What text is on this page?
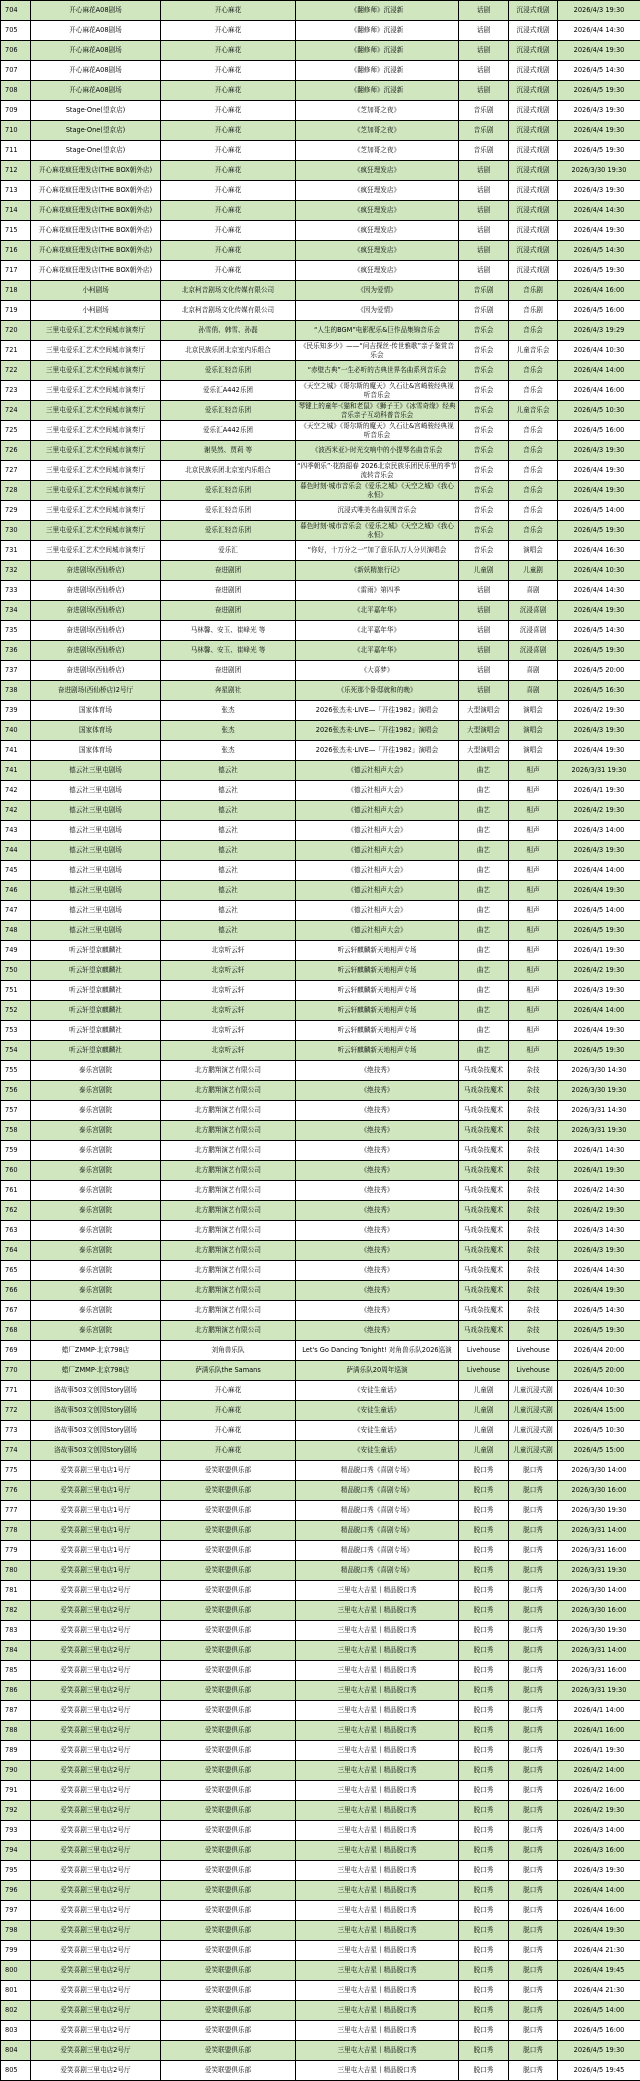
704	开心麻花A08剧场	开心麻花	《翻修师》沉浸新	话剧	沉浸式戏剧	2026/4/3 19:30
705	开心麻花A08剧场	开心麻花	《翻修师》沉浸新	话剧	沉浸式戏剧	2026/4/4 14:30
706	开心麻花A08剧场	开心麻花	《翻修师》沉浸新	话剧	沉浸式戏剧	2026/4/4 19:30
707	开心麻花A08剧场	开心麻花	《翻修师》沉浸新	话剧	沉浸式戏剧	2026/4/5 14:30
708	开心麻花A08剧场	开心麻花	《翻修师》沉浸新	话剧	沉浸式戏剧	2026/4/5 19:30
709	Stage·One(望京店)	开心麻花	《芝加哥之夜》	音乐剧	沉浸式戏剧	2026/4/3 19:30
710	Stage·One(望京店)	开心麻花	《芝加哥之夜》	音乐剧	沉浸式戏剧	2026/4/4 19:30
711	Stage·One(望京店)	开心麻花	《芝加哥之夜》	音乐剧	沉浸式戏剧	2026/4/5 19:30
712	开心麻花疯狂理发店(THE BOX朝外店)	开心麻花	《疯狂理发店》	话剧	沉浸式戏剧	2026/3/30 19:30
713	开心麻花疯狂理发店(THE BOX朝外店)	开心麻花	《疯狂理发店》	话剧	沉浸式戏剧	2026/4/3 19:30
714	开心麻花疯狂理发店(THE BOX朝外店)	开心麻花	《疯狂理发店》	话剧	沉浸式戏剧	2026/4/4 14:30
715	开心麻花疯狂理发店(THE BOX朝外店)	开心麻花	《疯狂理发店》	话剧	沉浸式戏剧	2026/4/4 19:30
716	开心麻花疯狂理发店(THE BOX朝外店)	开心麻花	《疯狂理发店》	话剧	沉浸式戏剧	2026/4/5 14:30
717	开心麻花疯狂理发店(THE BOX朝外店)	开心麻花	《疯狂理发店》	话剧	沉浸式戏剧	2026/4/5 19:30
718	小柯剧场	北京柯音剧场文化传媒有限公司	《因为爱情》	音乐剧	音乐剧	2026/4/4 16:00
719	小柯剧场	北京柯音剧场文化传媒有限公司	《因为爱情》	音乐剧	音乐剧	2026/4/5 16:00
720	三里屯爱乐汇艺术空间城市演奏厅	孙雪俏、韩雪、孙磊	“人生的BGM”电影配乐&巨作品集锦音乐会	音乐会	音乐会	2026/4/3 19:29
721	三里屯爱乐汇艺术空间城市演奏厅	北京民族乐团北京室内乐组合	《民乐知多少》——“问吉探丝·传世雅歌”亲子鉴赏音乐会	音乐会	儿童音乐会	2026/4/4 10:30
722	三里屯爱乐汇艺术空间城市演奏厅	爱乐汇轻音乐团	“赤壁古典”一生必听的古典世界名曲系列音乐会	音乐会	音乐会	2026/4/4 14:00
723	三里屯爱乐汇艺术空间城市演奏厅	爱乐汇A442乐团	《天空之城》《哥尔斯的魔天》久石让&宫崎骏经典视听音乐会	音乐会	音乐会	2026/4/4 16:00
724	三里屯爱乐汇艺术空间城市演奏厅	爱乐汇轻音乐团	琴键上的童年·《猫和老鼠》《狮子王》《冰雪奇缘》经典音乐亲子互动科普音乐会	音乐会	儿童音乐会	2026/4/5 10:30
725	三里屯爱乐汇艺术空间城市演奏厅	爱乐汇A442乐团	《天空之城》《哥尔斯的魔天》久石让&宫崎骏经典视听音乐会	音乐会	音乐会	2026/4/5 16:00
726	三里屯爱乐汇艺术空间城市演奏厅	谢昊然、贾莉 等	《波西米亚》·时光交响中的小提琴名曲音乐会	音乐会	音乐会	2026/4/3 19:30
727	三里屯爱乐汇艺术空间城市演奏厅	北京民族乐团北京室内乐组合	“四季朝乐”·花韵韶春 2026北京民族乐团民乐里的季节流转音乐会	音乐会	音乐会	2026/4/4 19:30
728	三里屯爱乐汇艺术空间城市演奏厅	爱乐汇轻音乐团	暮色时刻·城市音乐会《爱乐之城》《天空之城》《我心永恒》	音乐会	音乐会	2026/4/4 19:30
729	三里屯爱乐汇艺术空间城市演奏厅	爱乐汇轻音乐团	沉浸式唯美名曲氛围音乐会	音乐会	音乐会	2026/4/5 14:00
730	三里屯爱乐汇艺术空间城市演奏厅	爱乐汇轻音乐团	暮色时刻·城市音乐会《爱乐之城》《天空之城》《我心永恒》	音乐会	音乐会	2026/4/5 19:30
731	三里屯爱乐汇艺术空间城市演奏厅	爱乐汇	“你好，十万分之一”加了意乐队万人分贝演唱会	音乐会	演唱会	2026/4/4 16:30
732	奋进剧场(西仙桥店)	奋进剧团	《新妖精旅行记》	儿童剧	儿童剧	2026/4/4 10:30
733	奋进剧场(西仙桥店)	奋进剧团	《雷雨》第四季	话剧	喜剧	2026/4/4 14:30
734	奋进剧场(西仙桥店)	奋进剧团	《北平嘉年华》	话剧	沉浸喜剧	2026/4/4 19:30
735	奋进剧场(西仙桥店)	马林馨、安玉、崔峰光 等	《北平嘉年华》	话剧	沉浸喜剧	2026/4/5 14:30
736	奋进剧场(西仙桥店)	马林馨、安玉、崔峰光 等	《北平嘉年华》	话剧	沉浸喜剧	2026/4/5 19:30
737	奋进剧场(西仙桥店)	奋进剧团	《大喜梦》	话剧	喜剧	2026/4/5 20:00
738	奋进剧场(西仙桥店)2号厅	奔星剧社	《乐死那个卧邸就和的晚》	话剧	喜剧	2026/4/5 16:30
739	国家体育场	张杰	2026张杰未·LIVE—「开往1982」演唱会	大型演唱会	演唱会	2026/4/2 19:30
740	国家体育场	张杰	2026张杰未·LIVE—「开往1982」演唱会	大型演唱会	演唱会	2026/4/3 19:30
741	国家体育场	张杰	2026张杰未·LIVE—「开往1982」演唱会	大型演唱会	演唱会	2026/4/4 19:30
741	德云社三里屯剧场	德云社	《德云社相声大会》	曲艺	相声	2026/3/31 19:30
742	德云社三里屯剧场	德云社	《德云社相声大会》	曲艺	相声	2026/4/1 19:30
742	德云社三里屯剧场	德云社	《德云社相声大会》	曲艺	相声	2026/4/2 19:30
743	德云社三里屯剧场	德云社	《德云社相声大会》	曲艺	相声	2026/4/3 14:00
744	德云社三里屯剧场	德云社	《德云社相声大会》	曲艺	相声	2026/4/3 19:30
745	德云社三里屯剧场	德云社	《德云社相声大会》	曲艺	相声	2026/4/4 14:00
746	德云社三里屯剧场	德云社	《德云社相声大会》	曲艺	相声	2026/4/4 19:30
747	德云社三里屯剧场	德云社	《德云社相声大会》	曲艺	相声	2026/4/5 14:00
748	德云社三里屯剧场	德云社	《德云社相声大会》	曲艺	相声	2026/4/5 19:30
749	听云轩望京麒麟社	北京听云轩	听云轩麒麟新天地相声专场	曲艺	相声	2026/4/1 19:30
750	听云轩望京麒麟社	北京听云轩	听云轩麒麟新天地相声专场	曲艺	相声	2026/4/2 19:30
751	听云轩望京麒麟社	北京听云轩	听云轩麒麟新天地相声专场	曲艺	相声	2026/4/3 19:30
752	听云轩望京麒麟社	北京听云轩	听云轩麒麟新天地相声专场	曲艺	相声	2026/4/4 14:00
753	听云轩望京麒麟社	北京听云轩	听云轩麒麟新天地相声专场	曲艺	相声	2026/4/4 19:30
754	听云轩望京麒麟社	北京听云轩	听云轩麒麟新天地相声专场	曲艺	相声	2026/4/5 19:30
755	泰乐宫剧院	北方鹏翔演艺有限公司	《绝技秀》	马戏杂技魔术	杂技	2026/3/30 14:30
756	泰乐宫剧院	北方鹏翔演艺有限公司	《绝技秀》	马戏杂技魔术	杂技	2026/3/30 19:30
757	泰乐宫剧院	北方鹏翔演艺有限公司	《绝技秀》	马戏杂技魔术	杂技	2026/3/31 14:30
758	泰乐宫剧院	北方鹏翔演艺有限公司	《绝技秀》	马戏杂技魔术	杂技	2026/3/31 19:30
759	泰乐宫剧院	北方鹏翔演艺有限公司	《绝技秀》	马戏杂技魔术	杂技	2026/4/1 14:30
760	泰乐宫剧院	北方鹏翔演艺有限公司	《绝技秀》	马戏杂技魔术	杂技	2026/4/1 19:30
761	泰乐宫剧院	北方鹏翔演艺有限公司	《绝技秀》	马戏杂技魔术	杂技	2026/4/2 14:30
762	泰乐宫剧院	北方鹏翔演艺有限公司	《绝技秀》	马戏杂技魔术	杂技	2026/4/2 19:30
763	泰乐宫剧院	北方鹏翔演艺有限公司	《绝技秀》	马戏杂技魔术	杂技	2026/4/3 14:30
764	泰乐宫剧院	北方鹏翔演艺有限公司	《绝技秀》	马戏杂技魔术	杂技	2026/4/3 19:30
765	泰乐宫剧院	北方鹏翔演艺有限公司	《绝技秀》	马戏杂技魔术	杂技	2026/4/4 14:30
766	泰乐宫剧院	北方鹏翔演艺有限公司	《绝技秀》	马戏杂技魔术	杂技	2026/4/4 19:30
767	泰乐宫剧院	北方鹏翔演艺有限公司	《绝技秀》	马戏杂技魔术	杂技	2026/4/5 14:30
768	泰乐宫剧院	北方鹏翔演艺有限公司	《绝技秀》	马戏杂技魔术	杂技	2026/4/5 19:30
769	蜡厂ZMMP·北京798店	刘角兽乐队	Let's Go Dancing Tonight! 对角兽乐队2026巡演	Livehouse	Livehouse	2026/4/4 20:00
770	蜡厂ZMMP·北京798店	萨满乐队the Samans	萨满乐队20周年巡演	Livehouse	Livehouse	2026/4/5 20:00
771	洛故事503文创园Story剧场	开心麻花	《安徒生童话》	儿童剧	儿童沉浸式剧	2026/4/4 10:30
772	洛故事503文创园Story剧场	开心麻花	《安徒生童话》	儿童剧	儿童沉浸式剧	2026/4/4 15:00
773	洛故事503文创园Story剧场	开心麻花	《安徒生童话》	儿童剧	儿童沉浸式剧	2026/4/5 10:30
774	洛故事503文创园Story剧场	开心麻花	《安徒生童话》	儿童剧	儿童沉浸式剧	2026/4/5 15:00
775	爱笑喜剧三里屯店1号厅	爱笑联盟俱乐部	精品脱口秀《喜剧专场》	脱口秀	脱口秀	2026/3/30 14:00
776	爱笑喜剧三里屯店1号厅	爱笑联盟俱乐部	精品脱口秀《喜剧专场》	脱口秀	脱口秀	2026/3/30 16:00
777	爱笑喜剧三里屯店1号厅	爱笑联盟俱乐部	精品脱口秀《喜剧专场》	脱口秀	脱口秀	2026/3/30 19:30
778	爱笑喜剧三里屯店1号厅	爱笑联盟俱乐部	精品脱口秀《喜剧专场》	脱口秀	脱口秀	2026/3/31 14:00
779	爱笑喜剧三里屯店1号厅	爱笑联盟俱乐部	精品脱口秀《喜剧专场》	脱口秀	脱口秀	2026/3/31 16:00
780	爱笑喜剧三里屯店1号厅	爱笑联盟俱乐部	精品脱口秀《喜剧专场》	脱口秀	脱口秀	2026/3/31 19:30
781	爱笑喜剧三里屯店2号厅	爱笑联盟俱乐部	三里屯大吉星丨精品脱口秀	脱口秀	脱口秀	2026/3/30 14:00
782	爱笑喜剧三里屯店2号厅	爱笑联盟俱乐部	三里屯大吉星丨精品脱口秀	脱口秀	脱口秀	2026/3/30 16:00
783	爱笑喜剧三里屯店2号厅	爱笑联盟俱乐部	三里屯大吉星丨精品脱口秀	脱口秀	脱口秀	2026/3/30 19:30
784	爱笑喜剧三里屯店2号厅	爱笑联盟俱乐部	三里屯大吉星丨精品脱口秀	脱口秀	脱口秀	2026/3/31 14:00
785	爱笑喜剧三里屯店2号厅	爱笑联盟俱乐部	三里屯大吉星丨精品脱口秀	脱口秀	脱口秀	2026/3/31 16:00
786	爱笑喜剧三里屯店2号厅	爱笑联盟俱乐部	三里屯大吉星丨精品脱口秀	脱口秀	脱口秀	2026/3/31 19:30
787	爱笑喜剧三里屯店2号厅	爱笑联盟俱乐部	三里屯大吉星丨精品脱口秀	脱口秀	脱口秀	2026/4/1 14:00
788	爱笑喜剧三里屯店2号厅	爱笑联盟俱乐部	三里屯大吉星丨精品脱口秀	脱口秀	脱口秀	2026/4/1 16:00
789	爱笑喜剧三里屯店2号厅	爱笑联盟俱乐部	三里屯大吉星丨精品脱口秀	脱口秀	脱口秀	2026/4/1 19:30
790	爱笑喜剧三里屯店2号厅	爱笑联盟俱乐部	三里屯大吉星丨精品脱口秀	脱口秀	脱口秀	2026/4/2 14:00
791	爱笑喜剧三里屯店2号厅	爱笑联盟俱乐部	三里屯大吉星丨精品脱口秀	脱口秀	脱口秀	2026/4/2 16:00
792	爱笑喜剧三里屯店2号厅	爱笑联盟俱乐部	三里屯大吉星丨精品脱口秀	脱口秀	脱口秀	2026/4/2 19:30
793	爱笑喜剧三里屯店2号厅	爱笑联盟俱乐部	三里屯大吉星丨精品脱口秀	脱口秀	脱口秀	2026/4/3 14:00
794	爱笑喜剧三里屯店2号厅	爱笑联盟俱乐部	三里屯大吉星丨精品脱口秀	脱口秀	脱口秀	2026/4/3 16:00
795	爱笑喜剧三里屯店2号厅	爱笑联盟俱乐部	三里屯大吉星丨精品脱口秀	脱口秀	脱口秀	2026/4/3 19:30
796	爱笑喜剧三里屯店2号厅	爱笑联盟俱乐部	三里屯大吉星丨精品脱口秀	脱口秀	脱口秀	2026/4/4 14:00
797	爱笑喜剧三里屯店2号厅	爱笑联盟俱乐部	三里屯大吉星丨精品脱口秀	脱口秀	脱口秀	2026/4/4 16:00
798	爱笑喜剧三里屯店2号厅	爱笑联盟俱乐部	三里屯大吉星丨精品脱口秀	脱口秀	脱口秀	2026/4/4 19:30
799	爱笑喜剧三里屯店2号厅	爱笑联盟俱乐部	三里屯大吉星丨精品脱口秀	脱口秀	脱口秀	2026/4/4 21:30
800	爱笑喜剧三里屯店2号厅	爱笑联盟俱乐部	三里屯大吉星丨精品脱口秀	脱口秀	脱口秀	2026/4/4 19:45
801	爱笑喜剧三里屯店2号厅	爱笑联盟俱乐部	三里屯大吉星丨精品脱口秀	脱口秀	脱口秀	2026/4/4 21:30
802	爱笑喜剧三里屯店2号厅	爱笑联盟俱乐部	三里屯大吉星丨精品脱口秀	脱口秀	脱口秀	2026/4/5 14:00
803	爱笑喜剧三里屯店2号厅	爱笑联盟俱乐部	三里屯大吉星丨精品脱口秀	脱口秀	脱口秀	2026/4/5 16:00
804	爱笑喜剧三里屯店2号厅	爱笑联盟俱乐部	三里屯大吉星丨精品脱口秀	脱口秀	脱口秀	2026/4/5 19:30
805	爱笑喜剧三里屯店2号厅	爱笑联盟俱乐部	三里屯大吉星丨精品脱口秀	脱口秀	脱口秀	2026/4/5 19:45
